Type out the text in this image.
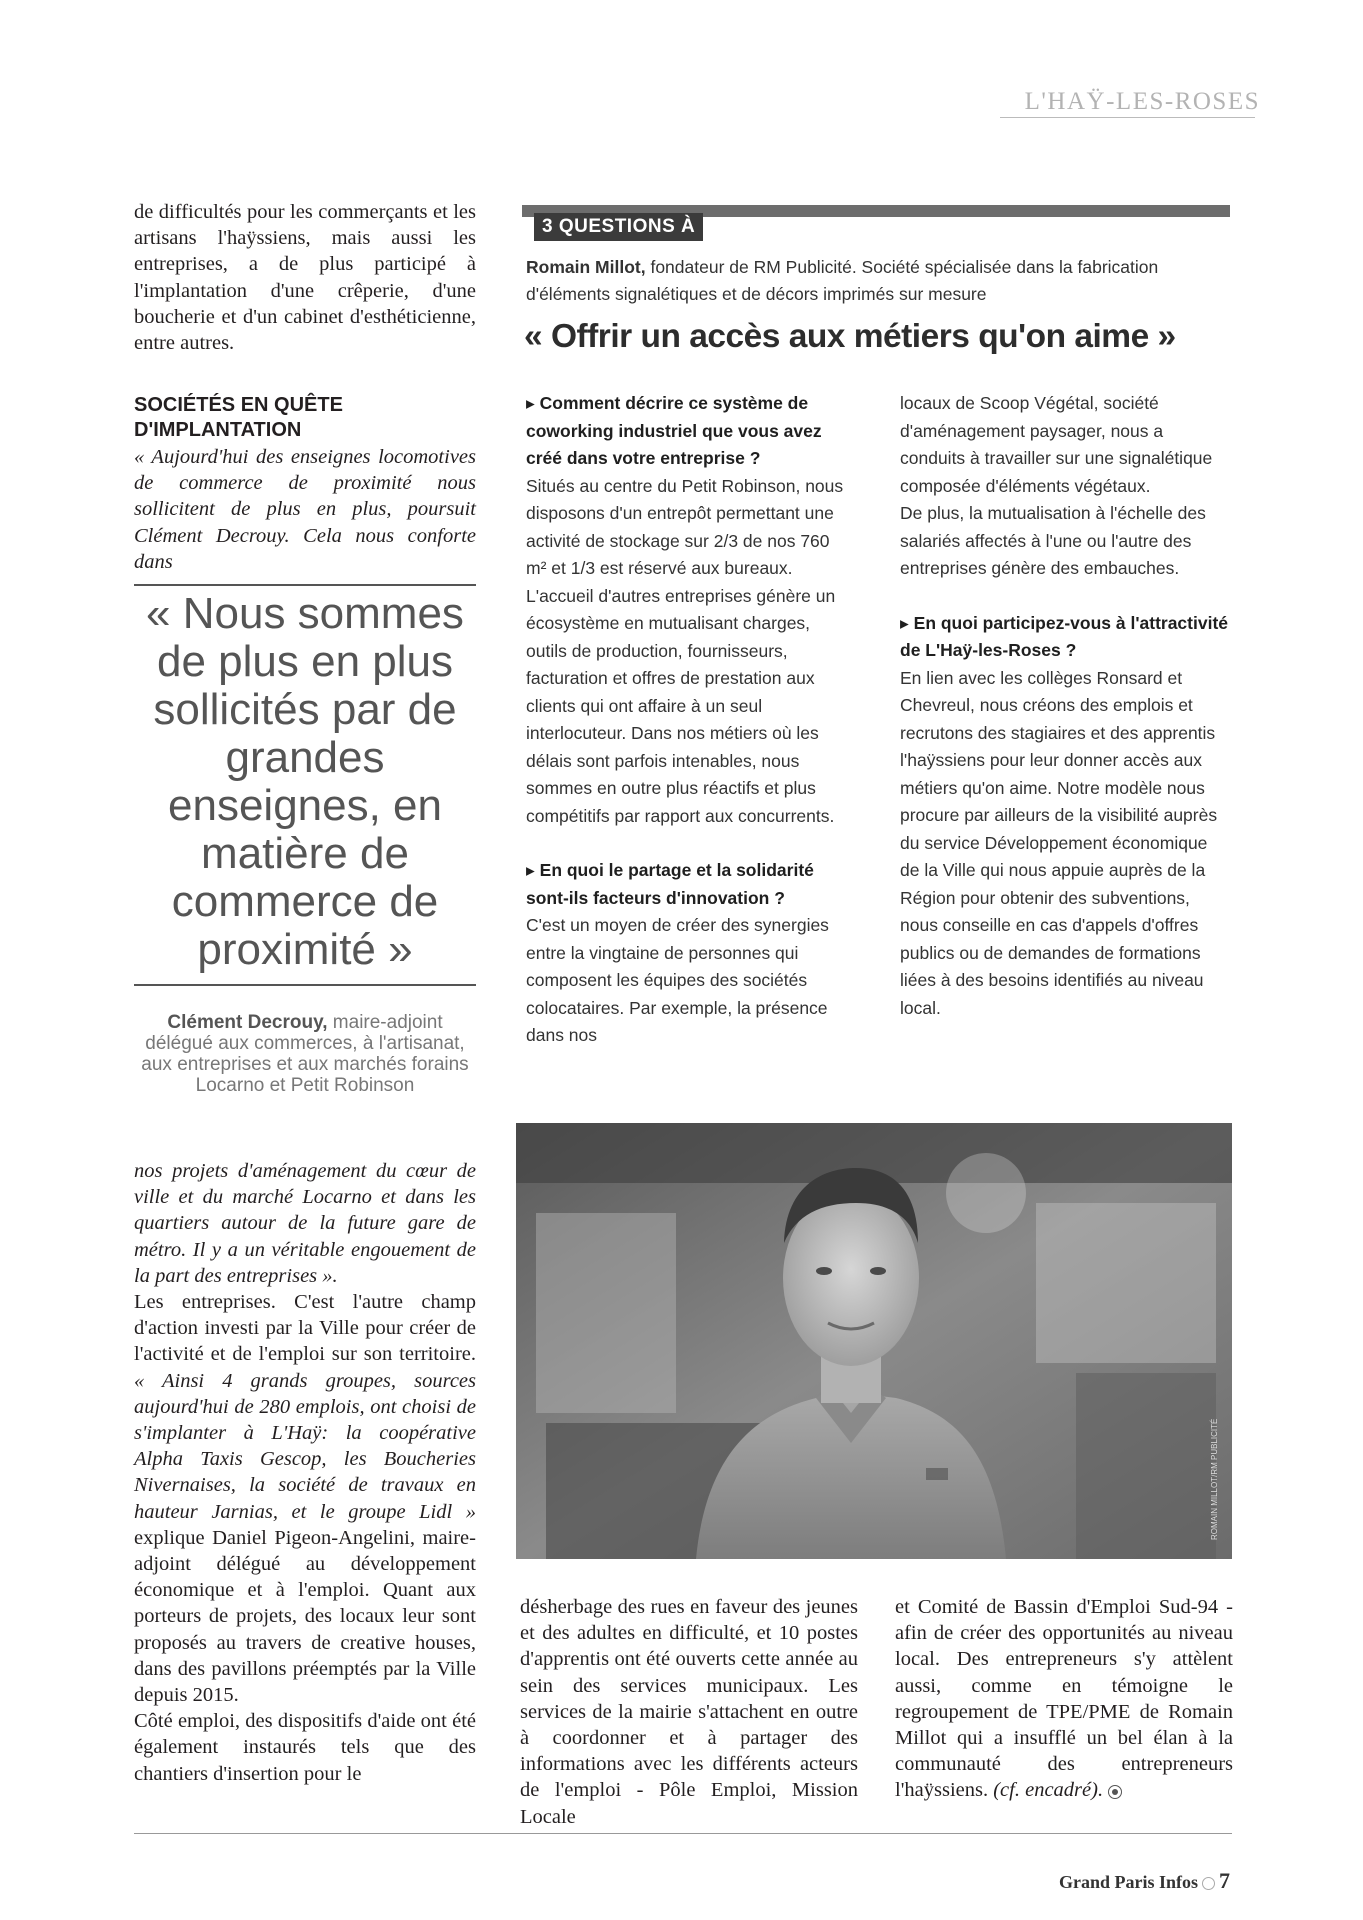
L'HAŸ-LES-ROSES

de difficultés pour les commerçants et les artisans l'haÿssiens, mais aussi les entreprises, a de plus participé à l'implantation d'une crêperie, d'une boucherie et d'un cabinet d'esthéticienne, entre autres.

SOCIÉTÉS EN QUÊTE D'IMPLANTATION

« Aujourd'hui des enseignes locomotives de commerce de proximité nous sollicitent de plus en plus, poursuit Clément Decrouy. Cela nous conforte dans

« Nous sommes de plus en plus sollicités par de grandes enseignes, en matière de commerce de proximité »
Clément Decrouy, maire-adjoint délégué aux commerces, à l'artisanat, aux entreprises et aux marchés forains Locarno et Petit Robinson

nos projets d'aménagement du cœur de ville et du marché Locarno et dans les quartiers autour de la future gare de métro. Il y a un véritable engouement de la part des entreprises ».

Les entreprises. C'est l'autre champ d'action investi par la Ville pour créer de l'activité et de l'emploi sur son territoire. « Ainsi 4 grands groupes, sources aujourd'hui de 280 emplois, ont choisi de s'implanter à L'Haÿ: la coopérative Alpha Taxis Gescop, les Boucheries Nivernaises, la société de travaux en hauteur Jarnias, et le groupe Lidl » explique Daniel Pigeon-Angelini, maire-adjoint délégué au développement économique et à l'emploi. Quant aux porteurs de projets, des locaux leur sont proposés au travers de creative houses, dans des pavillons préemptés par la Ville depuis 2015.

Côté emploi, des dispositifs d'aide ont été également instaurés tels que des chantiers d'insertion pour le

3 QUESTIONS À
Romain Millot, fondateur de RM Publicité. Société spécialisée dans la fabrication d'éléments signalétiques et de décors imprimés sur mesure
« Offrir un accès aux métiers qu'on aime »

▸ Comment décrire ce système de coworking industriel que vous avez créé dans votre entreprise ?

Situés au centre du Petit Robinson, nous disposons d'un entrepôt permettant une activité de stockage sur 2/3 de nos 760 m² et 1/3 est réservé aux bureaux. L'accueil d'autres entreprises génère un écosystème en mutualisant charges, outils de production, fournisseurs, facturation et offres de prestation aux clients qui ont affaire à un seul interlocuteur. Dans nos métiers où les délais sont parfois intenables, nous sommes en outre plus réactifs et plus compétitifs par rapport aux concurrents.

▸ En quoi le partage et la solidarité sont-ils facteurs d'innovation ?

C'est un moyen de créer des synergies entre la vingtaine de personnes qui composent les équipes des sociétés colocataires. Par exemple, la présence dans nos

locaux de Scoop Végétal, société d'aménagement paysager, nous a conduits à travailler sur une signalétique composée d'éléments végétaux.

De plus, la mutualisation à l'échelle des salariés affectés à l'une ou l'autre des entreprises génère des embauches.

▸ En quoi participez-vous à l'attractivité de L'Haÿ-les-Roses ?

En lien avec les collèges Ronsard et Chevreul, nous créons des emplois et recrutons des stagiaires et des apprentis l'haÿssiens pour leur donner accès aux métiers qu'on aime. Notre modèle nous procure par ailleurs de la visibilité auprès du service Développement économique de la Ville qui nous appuie auprès de la Région pour obtenir des subventions, nous conseille en cas d'appels d'offres publics ou de demandes de formations liées à des besoins identifiés au niveau local.

ROMAIN MILLOT/RM PUBLICITÉ

désherbage des rues en faveur des jeunes et des adultes en difficulté, et 10 postes d'apprentis ont été ouverts cette année au sein des services municipaux. Les services de la mairie s'attachent en outre à coordonner et à partager des informations avec les différents acteurs de l'emploi - Pôle Emploi, Mission Locale

et Comité de Bassin d'Emploi Sud-94 - afin de créer des opportunités au niveau local. Des entrepreneurs s'y attèlent aussi, comme en témoigne le regroupement de TPE/PME de Romain Millot qui a insufflé un bel élan à la communauté des entrepreneurs l'haÿssiens. (cf. encadré).

Grand Paris Infos 7
